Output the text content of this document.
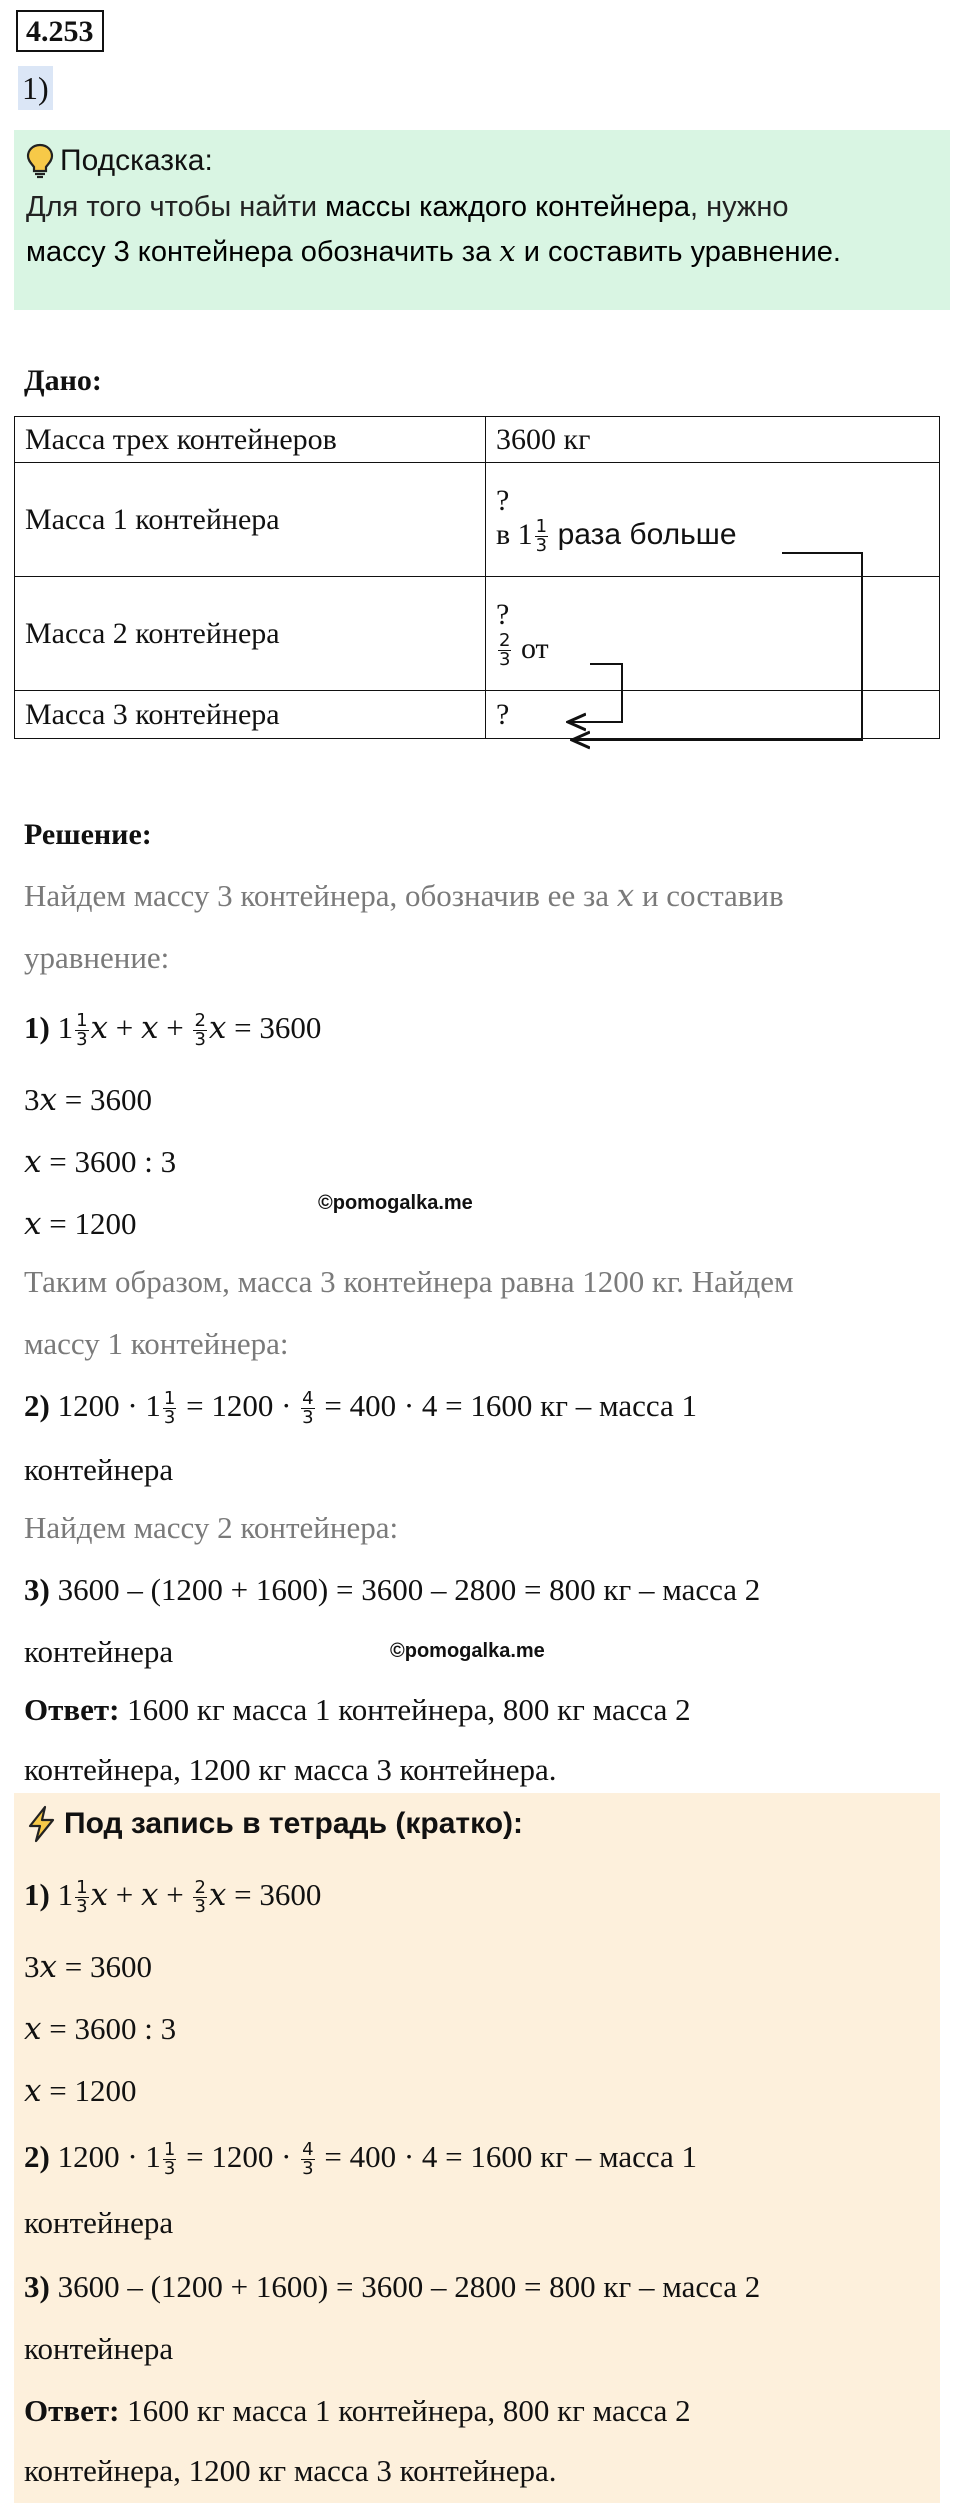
4.253
1)
Подсказка:
Для того чтобы найти массы каждого контейнера, нужно
массу 3 контейнера обозначить за 𝑥 и составить уравнение.
Дано:
Масса трех контейнеров	3600 кг
Масса 1 контейнера	?
в $1 \frac{1}{3}$ раза больше

Масса 2 контейнера	?
$\frac{2}{3}$ от

Масса 3 контейнера	?
Решение:
Найдем массу 3 контейнера, обозначив ее за 𝑥 и составив
уравнение:
1) $1 \frac{1}{3}$ 𝑥 + 𝑥 + $\frac{2}{3}$ 𝑥 = 3600
3𝑥 = 3600
𝑥 = 3600 : 3
𝑥 = 1200
©pomogalka.me
Таким образом, масса 3 контейнера равна 1200 кг. Найдем
массу 1 контейнера:
2) $1200 \cdot 1 \frac{1}{3} = 1200 \cdot \frac{4}{3} = 400 \cdot 4 = 1600$ кг – масса 1
контейнера
Найдем массу 2 контейнера:
3) 3600 – (1200 + 1600) = 3600 – 2800 = 800 кг – масса 2
контейнера	©pomogalka.me
Ответ: 1600 кг масса 1 контейнера, 800 кг масса 2
контейнера, 1200 кг масса 3 контейнера.
Под запись в тетрадь (кратко):
1) $1 \frac{1}{3}$ 𝑥 + 𝑥 + $\frac{2}{3}$ 𝑥 = 3600
3𝑥 = 3600
𝑥 = 3600 : 3
𝑥 = 1200
2) $1200 \cdot 1 \frac{1}{3} = 1200 \cdot \frac{4}{3} = 400 \cdot 4 = 1600$ кг – масса 1
контейнера
3) 3600 – (1200 + 1600) = 3600 – 2800 = 800 кг – масса 2
контейнера
Ответ: 1600 кг масса 1 контейнера, 800 кг масса 2
контейнера, 1200 кг масса 3 контейнера.
